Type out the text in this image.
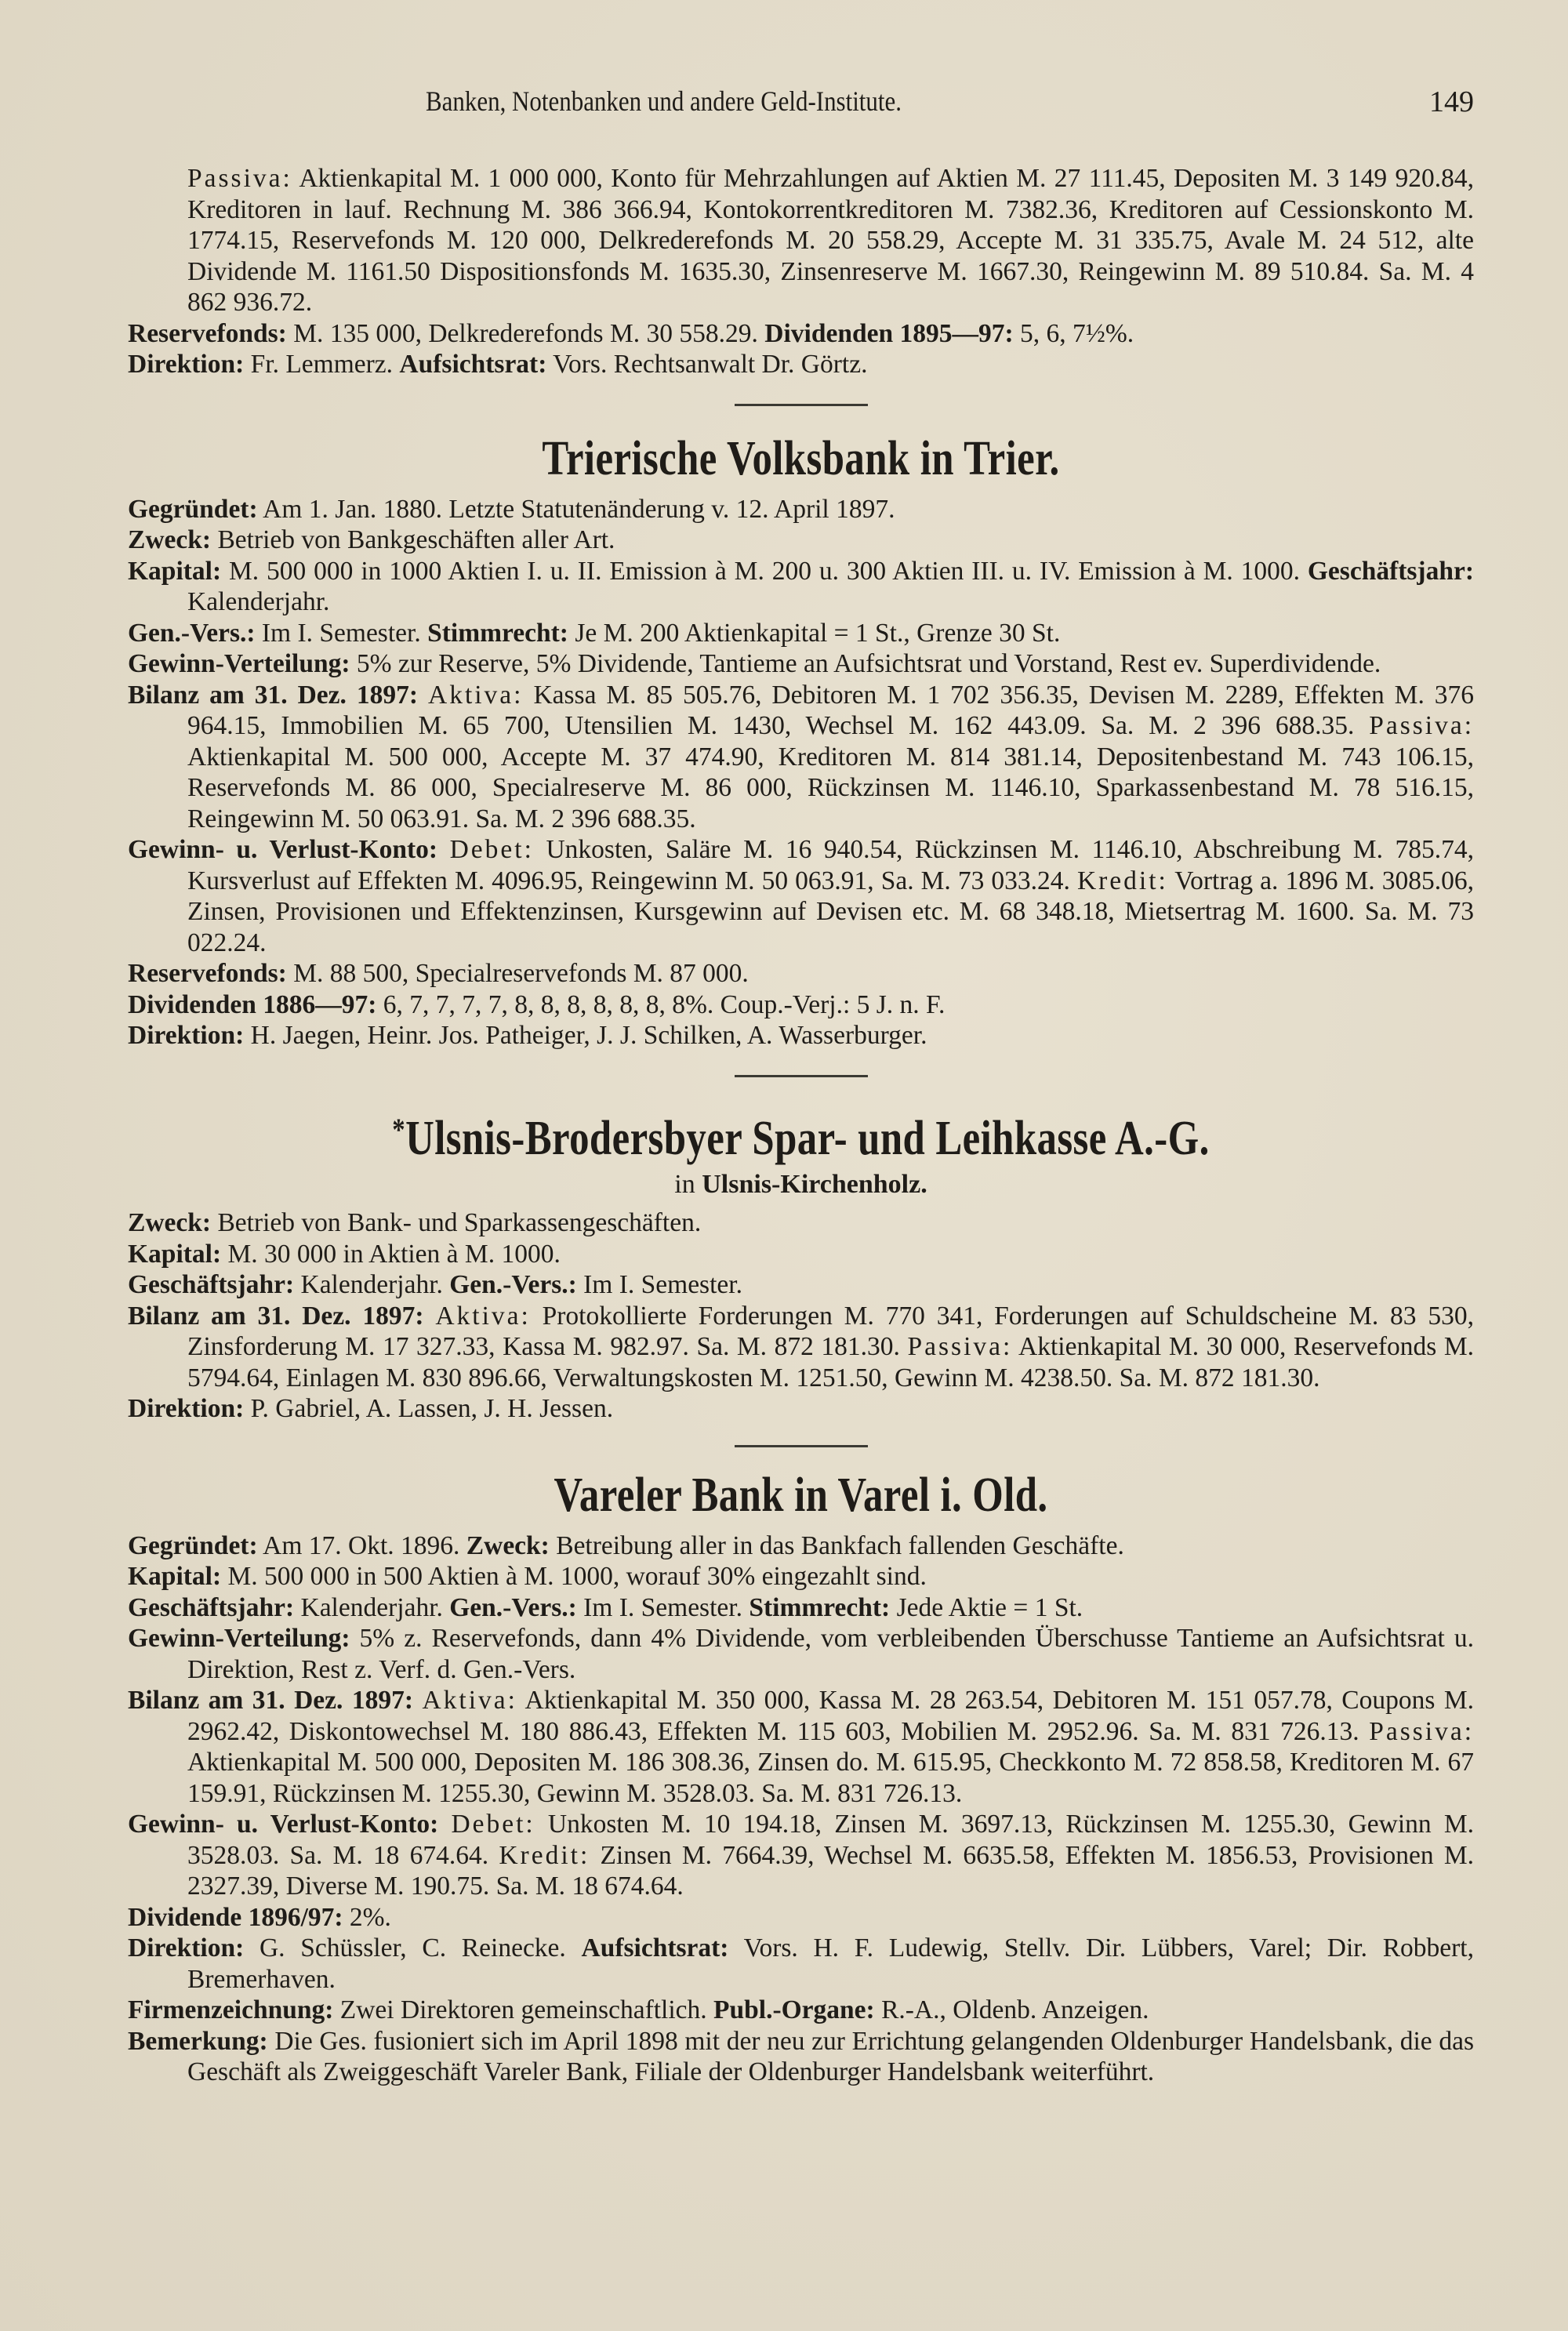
Banken, Notenbanken und andere Geld-Institute.	149

Passiva: Aktienkapital M. 1 000 000, Konto für Mehrzahlungen auf Aktien M. 27 111.45, Depositen M. 3 149 920.84, Kreditoren in lauf. Rechnung M. 386 366.94, Kontokorrentkreditoren M. 7382.36, Kreditoren auf Cessionskonto M. 1774.15, Reservefonds M. 120 000, Delkrederefonds M. 20 558.29, Accepte M. 31 335.75, Avale M. 24 512, alte Dividende M. 1161.50 Dispositionsfonds M. 1635.30, Zinsenreserve M. 1667.30, Reingewinn M. 89 510.84. Sa. M. 4 862 936.72.

Reservefonds: M. 135 000, Delkrederefonds M. 30 558.29. Dividenden 1895—97: 5, 6, 7½%.

Direktion: Fr. Lemmerz. Aufsichtsrat: Vors. Rechtsanwalt Dr. Görtz.

Trierische Volksbank in Trier.

Gegründet: Am 1. Jan. 1880. Letzte Statutenänderung v. 12. April 1897.

Zweck: Betrieb von Bankgeschäften aller Art.

Kapital: M. 500 000 in 1000 Aktien I. u. II. Emission à M. 200 u. 300 Aktien III. u. IV. Emission à M. 1000. Geschäftsjahr: Kalenderjahr.

Gen.-Vers.: Im I. Semester. Stimmrecht: Je M. 200 Aktienkapital = 1 St., Grenze 30 St.

Gewinn-Verteilung: 5% zur Reserve, 5% Dividende, Tantieme an Aufsichtsrat und Vorstand, Rest ev. Superdividende.

Bilanz am 31. Dez. 1897: Aktiva: Kassa M. 85 505.76, Debitoren M. 1 702 356.35, Devisen M. 2289, Effekten M. 376 964.15, Immobilien M. 65 700, Utensilien M. 1430, Wechsel M. 162 443.09. Sa. M. 2 396 688.35. Passiva: Aktienkapital M. 500 000, Accepte M. 37 474.90, Kreditoren M. 814 381.14, Depositenbestand M. 743 106.15, Reservefonds M. 86 000, Specialreserve M. 86 000, Rückzinsen M. 1146.10, Sparkassenbestand M. 78 516.15, Reingewinn M. 50 063.91. Sa. M. 2 396 688.35.

Gewinn- u. Verlust-Konto: Debet: Unkosten, Saläre M. 16 940.54, Rückzinsen M. 1146.10, Abschreibung M. 785.74, Kursverlust auf Effekten M. 4096.95, Reingewinn M. 50 063.91, Sa. M. 73 033.24. Kredit: Vortrag a. 1896 M. 3085.06, Zinsen, Provisionen und Effektenzinsen, Kursgewinn auf Devisen etc. M. 68 348.18, Mietsertrag M. 1600. Sa. M. 73 022.24.

Reservefonds: M. 88 500, Specialreservefonds M. 87 000.

Dividenden 1886—97: 6, 7, 7, 7, 7, 8, 8, 8, 8, 8, 8, 8%. Coup.-Verj.: 5 J. n. F.

Direktion: H. Jaegen, Heinr. Jos. Patheiger, J. J. Schilken, A. Wasserburger.

*Ulsnis-Brodersbyer Spar- und Leihkasse A.-G.
in Ulsnis-Kirchenholz.

Zweck: Betrieb von Bank- und Sparkassengeschäften.

Kapital: M. 30 000 in Aktien à M. 1000.

Geschäftsjahr: Kalenderjahr. Gen.-Vers.: Im I. Semester.

Bilanz am 31. Dez. 1897: Aktiva: Protokollierte Forderungen M. 770 341, Forderungen auf Schuldscheine M. 83 530, Zinsforderung M. 17 327.33, Kassa M. 982.97. Sa. M. 872 181.30. Passiva: Aktienkapital M. 30 000, Reservefonds M. 5794.64, Einlagen M. 830 896.66, Verwaltungskosten M. 1251.50, Gewinn M. 4238.50. Sa. M. 872 181.30.

Direktion: P. Gabriel, A. Lassen, J. H. Jessen.

Vareler Bank in Varel i. Old.

Gegründet: Am 17. Okt. 1896. Zweck: Betreibung aller in das Bankfach fallenden Geschäfte.

Kapital: M. 500 000 in 500 Aktien à M. 1000, worauf 30% eingezahlt sind.

Geschäftsjahr: Kalenderjahr. Gen.-Vers.: Im I. Semester. Stimmrecht: Jede Aktie = 1 St.

Gewinn-Verteilung: 5% z. Reservefonds, dann 4% Dividende, vom verbleibenden Überschusse Tantieme an Aufsichtsrat u. Direktion, Rest z. Verf. d. Gen.-Vers.

Bilanz am 31. Dez. 1897: Aktiva: Aktienkapital M. 350 000, Kassa M. 28 263.54, Debitoren M. 151 057.78, Coupons M. 2962.42, Diskontowechsel M. 180 886.43, Effekten M. 115 603, Mobilien M. 2952.96. Sa. M. 831 726.13. Passiva: Aktienkapital M. 500 000, Depositen M. 186 308.36, Zinsen do. M. 615.95, Checkkonto M. 72 858.58, Kreditoren M. 67 159.91, Rückzinsen M. 1255.30, Gewinn M. 3528.03. Sa. M. 831 726.13.

Gewinn- u. Verlust-Konto: Debet: Unkosten M. 10 194.18, Zinsen M. 3697.13, Rückzinsen M. 1255.30, Gewinn M. 3528.03. Sa. M. 18 674.64. Kredit: Zinsen M. 7664.39, Wechsel M. 6635.58, Effekten M. 1856.53, Provisionen M. 2327.39, Diverse M. 190.75. Sa. M. 18 674.64.

Dividende 1896/97: 2%.

Direktion: G. Schüssler, C. Reinecke. Aufsichtsrat: Vors. H. F. Ludewig, Stellv. Dir. Lübbers, Varel; Dir. Robbert, Bremerhaven.

Firmenzeichnung: Zwei Direktoren gemeinschaftlich. Publ.-Organe: R.-A., Oldenb. Anzeigen.

Bemerkung: Die Ges. fusioniert sich im April 1898 mit der neu zur Errichtung gelangenden Oldenburger Handelsbank, die das Geschäft als Zweiggeschäft Vareler Bank, Filiale der Oldenburger Handelsbank weiterführt.
